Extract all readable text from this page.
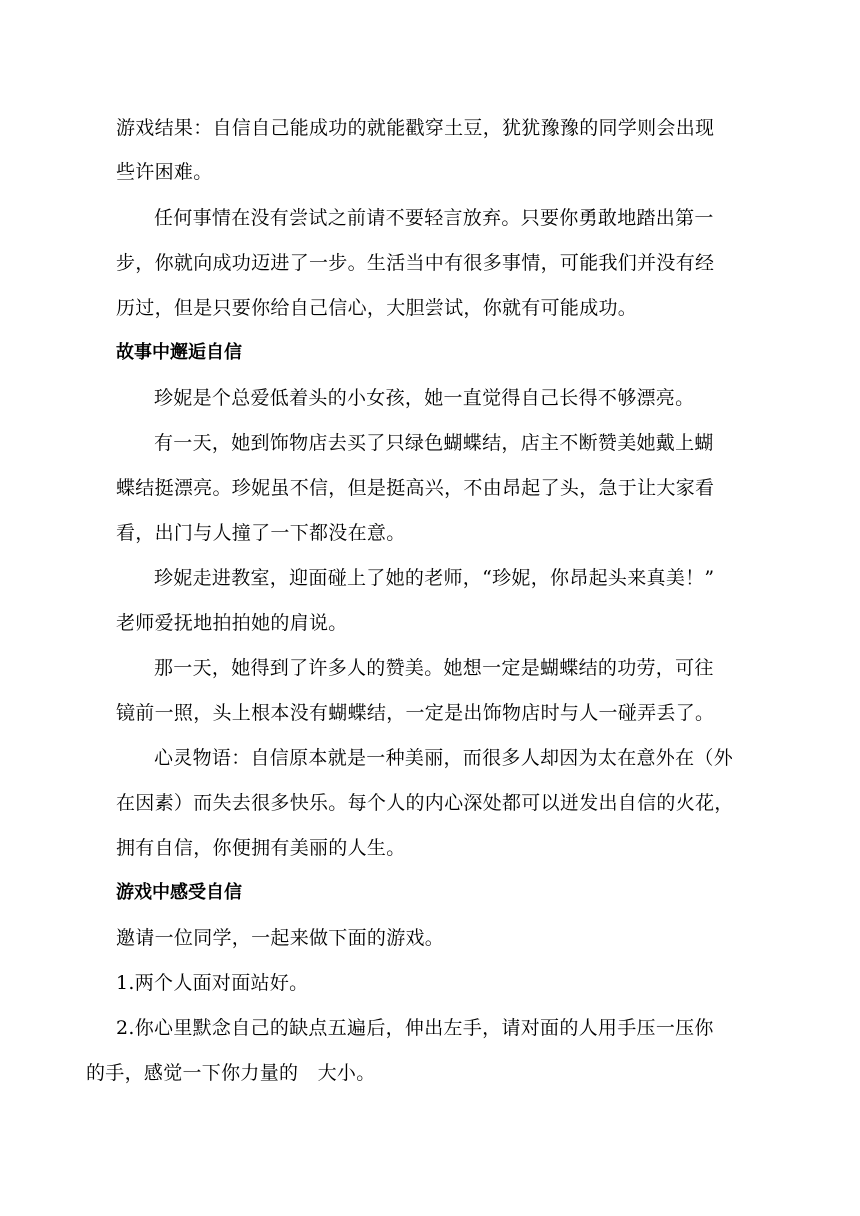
游戏结果：自信自己能成功的就能戳穿土豆，犹犹豫豫的同学则会出现
些许困难。
任何事情在没有尝试之前请不要轻言放弃。只要你勇敢地踏出第一
步，你就向成功迈进了一步。生活当中有很多事情，可能我们并没有经
历过，但是只要你给自己信心，大胆尝试，你就有可能成功。
故事中邂逅自信
珍妮是个总爱低着头的小女孩，她一直觉得自己长得不够漂亮。
有一天，她到饰物店去买了只绿色蝴蝶结，店主不断赞美她戴上蝴
蝶结挺漂亮。珍妮虽不信，但是挺高兴，不由昂起了头，急于让大家看
看，出门与人撞了一下都没在意。
珍妮走进教室，迎面碰上了她的老师，“珍妮，你昂起头来真美！”
老师爱抚地拍拍她的肩说。
那一天，她得到了许多人的赞美。她想一定是蝴蝶结的功劳，可往
镜前一照，头上根本没有蝴蝶结，一定是出饰物店时与人一碰弄丢了。
心灵物语：自信原本就是一种美丽，而很多人却因为太在意外在（外
在因素）而失去很多快乐。每个人的内心深处都可以迸发出自信的火花，
拥有自信，你便拥有美丽的人生。
游戏中感受自信
邀请一位同学，一起来做下面的游戏。
1.两个人面对面站好。
2.你心里默念自己的缺点五遍后，伸出左手，请对面的人用手压一压你
的手，感觉一下你力量的　大小。
